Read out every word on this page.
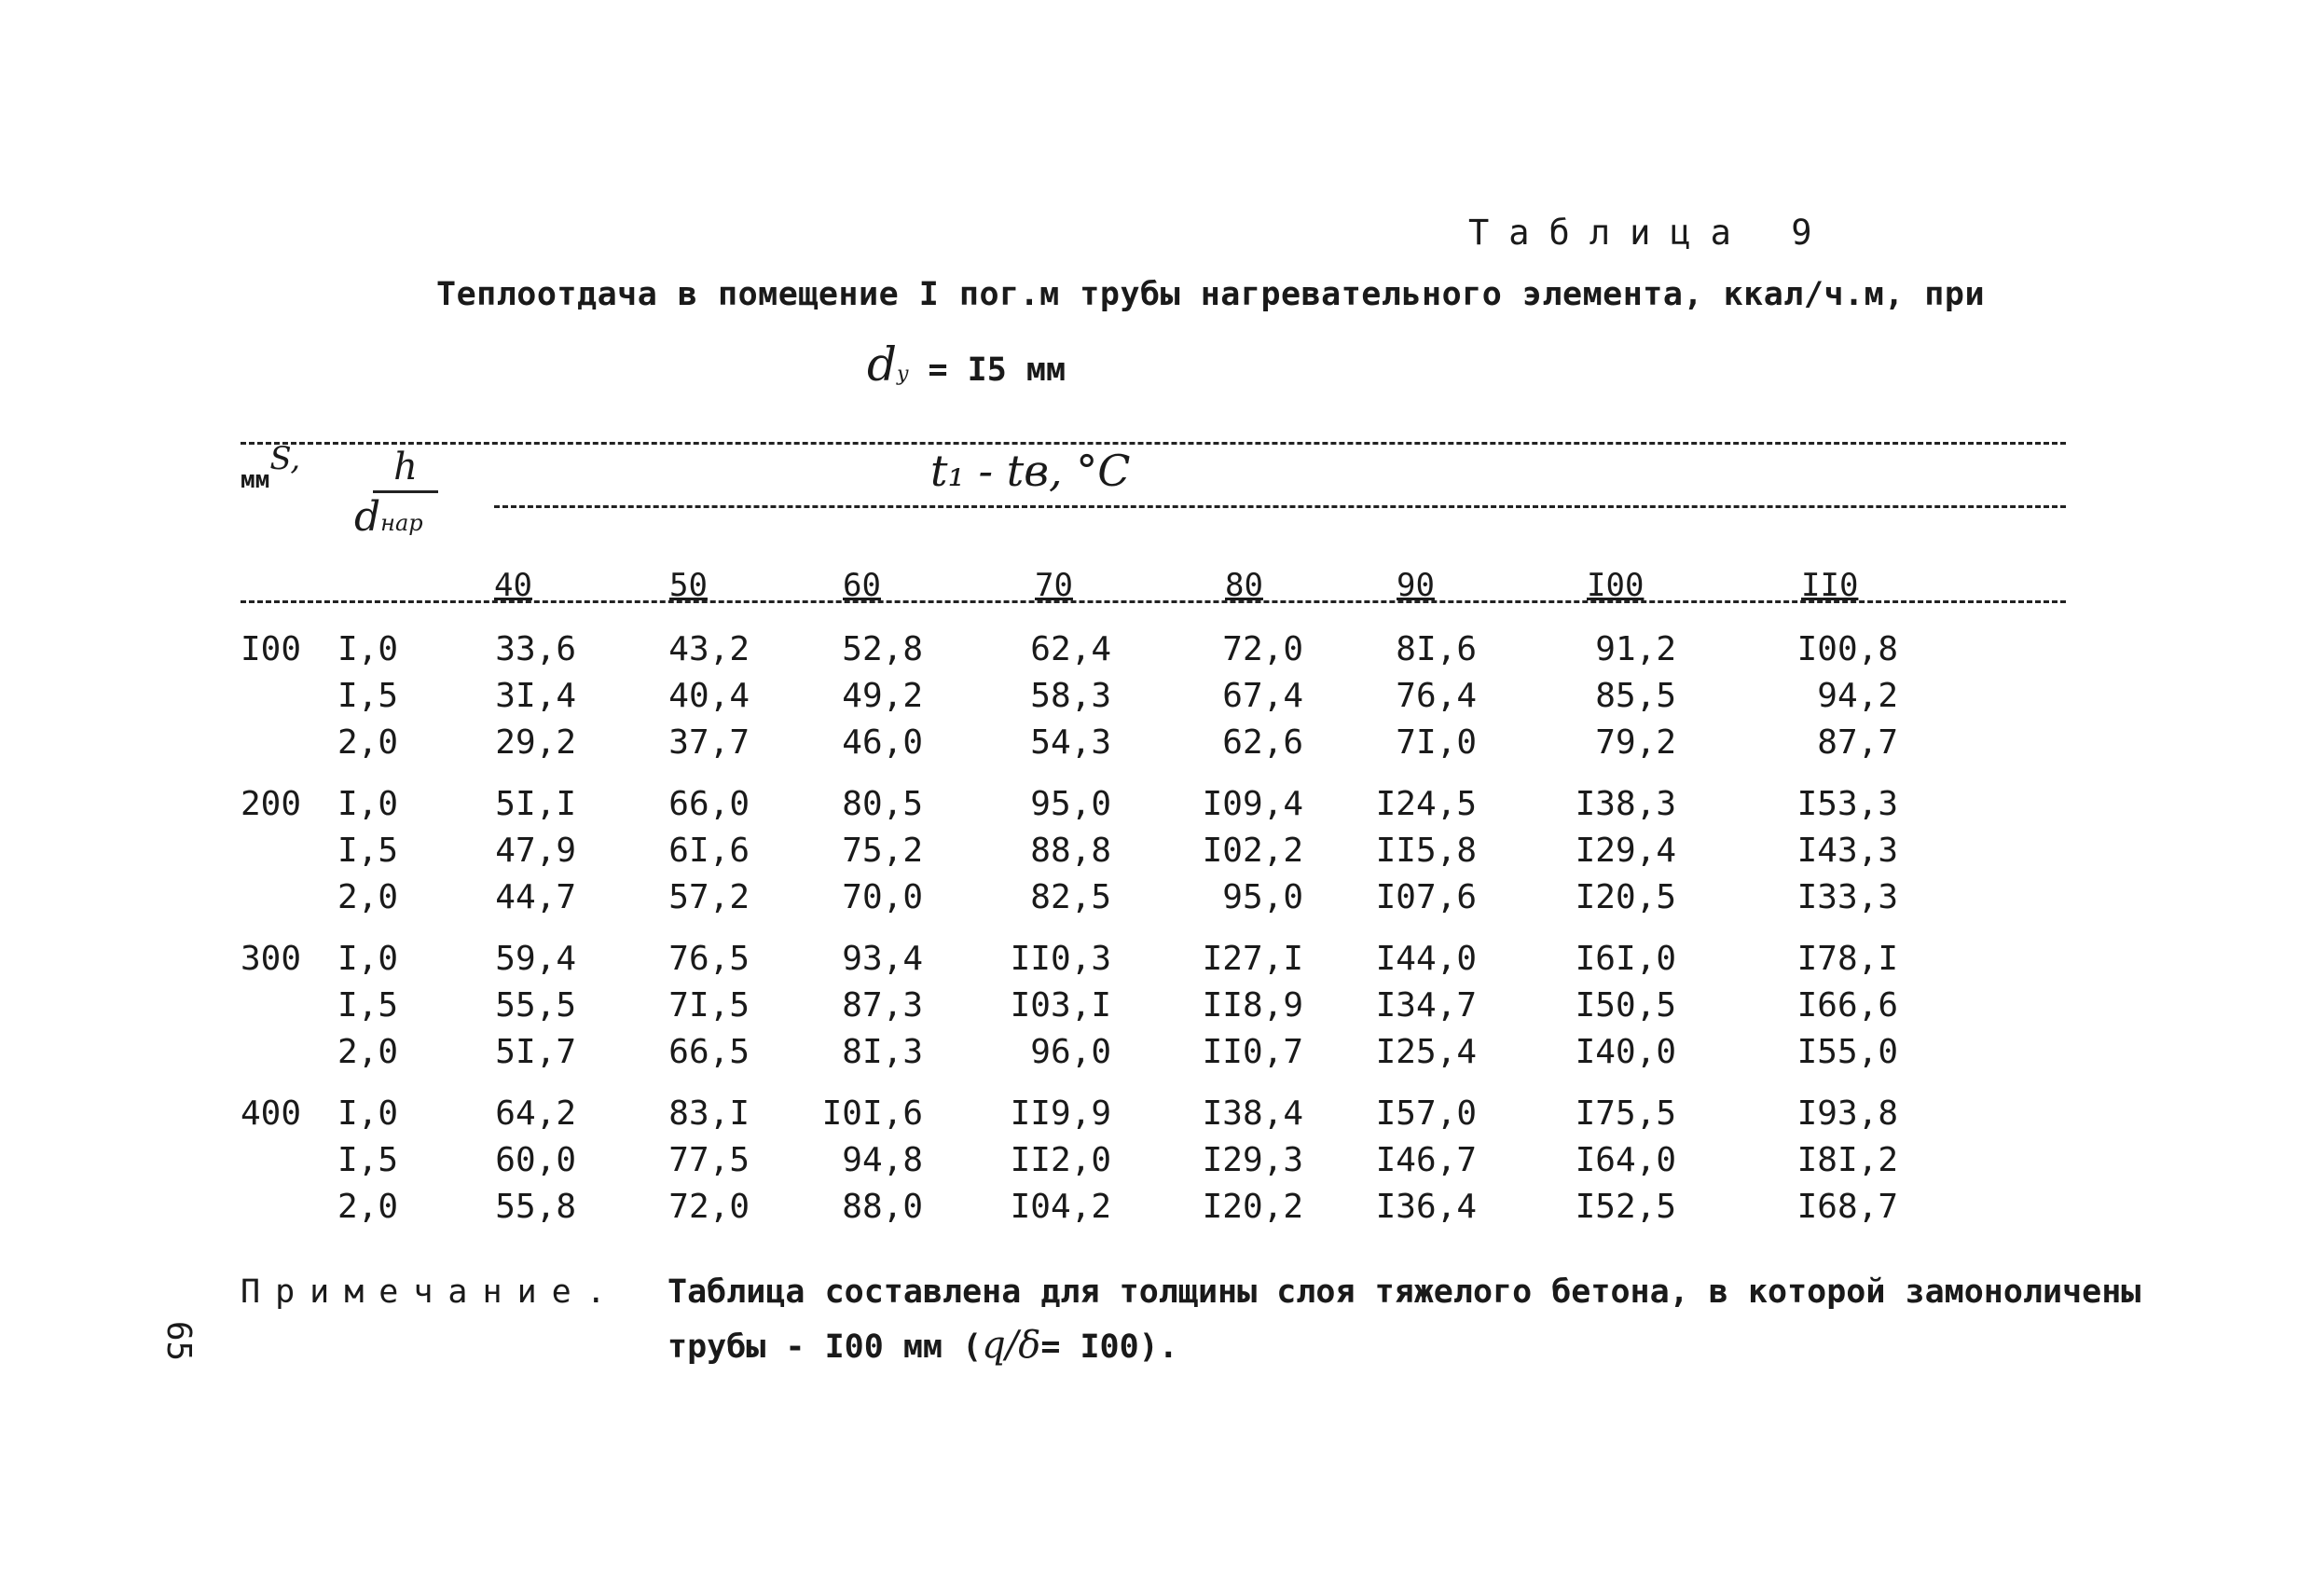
Таблица 9
Теплоотдача в помещение I пог.м трубы нагревательного элемента, ккал/ч.м, при
dy = I5 мм
$_{мм}$S,	h
dнар
t₁ - tв, °C
40	50	60	70	80	90	I00	II0
I00 I,0	33,6	43,2	52,8	62,4	72,0	8I,6	91,2	I00,8
I,5	3I,4	40,4	49,2	58,3	67,4	76,4	85,5	94,2
2,0	29,2	37,7	46,0	54,3	62,6	7I,0	79,2	87,7
200 I,0	5I,I	66,0	80,5	95,0	I09,4	I24,5	I38,3	I53,3
I,5	47,9	6I,6	75,2	88,8	I02,2	II5,8	I29,4	I43,3
2,0	44,7	57,2	70,0	82,5	95,0	I07,6	I20,5	I33,3
300 I,0	59,4	76,5	93,4	II0,3	I27,I	I44,0	I6I,0	I78,I
I,5	55,5	7I,5	87,3	I03,I	II8,9	I34,7	I50,5	I66,6
2,0	5I,7	66,5	8I,3	96,0	II0,7	I25,4	I40,0	I55,0
400 I,0	64,2	83,I	I0I,6	II9,9	I38,4	I57,0	I75,5	I93,8
I,5	60,0	77,5	94,8	II2,0	I29,3	I46,7	I64,0	I8I,2
2,0	55,8	72,0	88,0	I04,2	I20,2	I36,4	I52,5	I68,7
Примечание. Таблица составлена для толщины слоя тяжелого бетона, в которой замоноличены
трубы - I00 мм (q/δ= I00).
65
